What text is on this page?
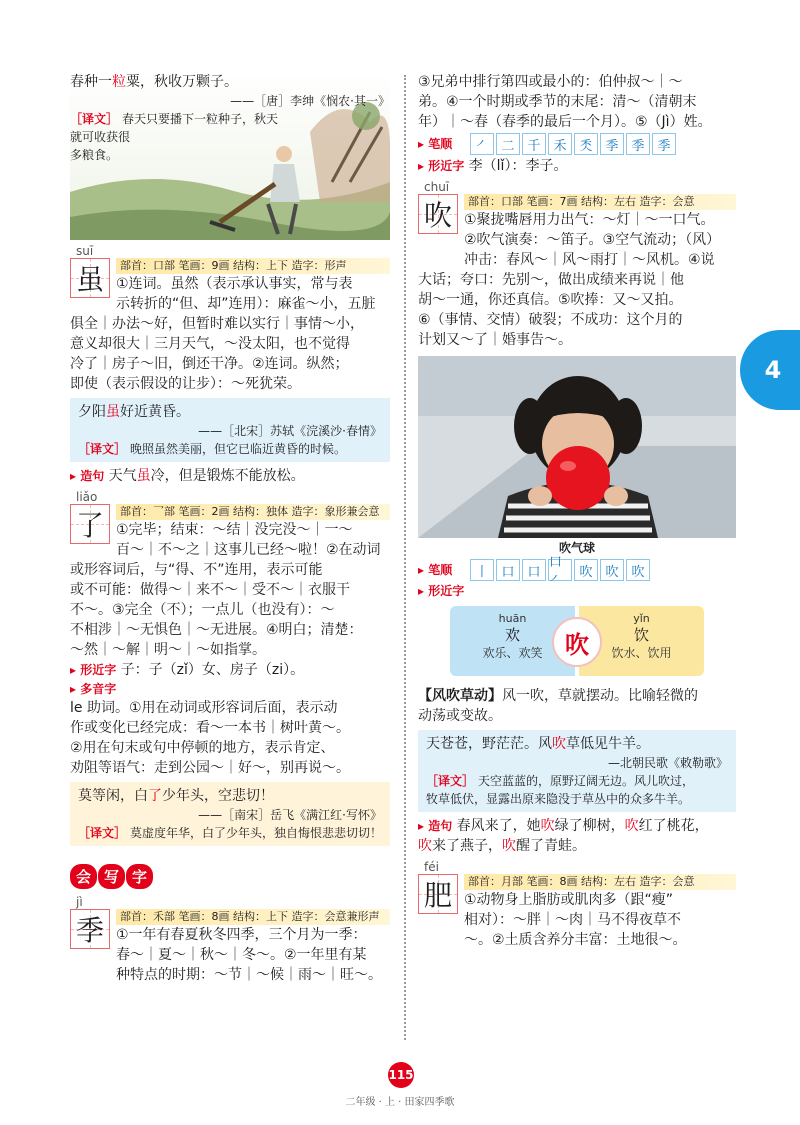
春种一粒粟，秋收万颗子。
——［唐］李绅《悯农·其一》
［译文］ 春天只要播下一粒种子，秋天就可收获很
多粮食。
suī
虽	部首：口部 笔画：9画 结构：上下 造字：形声
①连词。虽然（表示承认事实，常与表
示转折的“但、却”连用）：麻雀～小，五脏
俱全｜办法～好，但暂时难以实行｜事情～小，
意义却很大｜三月天气，～没太阳，也不觉得
冷了｜房子～旧，倒还干净。②连词。纵然；
即使（表示假设的让步）：～死犹荣。
夕阳虽好近黄昏。
——［北宋］苏轼《浣溪沙·春情》
［译文］ 晚照虽然美丽，但它已临近黄昏的时候。
▸ 造句 天气虽冷，但是锻炼不能放松。
liǎo
了	部首：乛部 笔画：2画 结构：独体 造字：象形兼会意
①完毕；结束：～结｜没完没～｜一～
百～｜不～之｜这事儿已经～啦！②在动词
或形容词后，与“得、不”连用，表示可能
或不可能：做得～｜来不～｜受不～｜衣服干
不～。③完全（不）；一点儿（也没有）：～
不相涉｜～无惧色｜～无进展。④明白；清楚：
～然｜～解｜明～｜～如指掌。
▸ 形近字 子：子（zǐ）女、房子（zi）。
▸ 多音字
le 助词。①用在动词或形容词后面，表示动
作或变化已经完成：看～一本书｜树叶黄～。
②用在句末或句中停顿的地方，表示肯定、
劝阻等语气：走到公园～｜好～，别再说～。
莫等闲，白了少年头，空悲切！
——［南宋］岳飞《满江红·写怀》
［译文］ 莫虚度年华，白了少年头，独自悔恨悲悲切切！
会 写 字
jì
季	部首：禾部 笔画：8画 结构：上下 造字：会意兼形声
①一年有春夏秋冬四季，三个月为一季：
春～｜夏～｜秋～｜冬～。②一年里有某
种特点的时期：～节｜～候｜雨～｜旺～。
③兄弟中排行第四或最小的：伯仲叔～｜～
弟。④一个时期或季节的末尾：清～（清朝末
年）｜～春（春季的最后一个月）。⑤（Jì）姓。
▸ 笔顺	㇒ 二 千 禾 秂 季 季 季
▸ 形近字 李（lǐ）：李子。
chuī
吹	部首：口部 笔画：7画 结构：左右 造字：会意
①聚拢嘴唇用力出气：～灯｜～一口气。
②吹气演奏：～笛子。③空气流动；（风）
冲击：春风～｜风～雨打｜～风机。④说
大话；夸口：先别～，做出成绩来再说｜他
胡～一通，你还真信。⑤吹捧：又～又拍。
⑥（事情、交情）破裂；不成功：这个月的
计划又～了｜婚事告～。
吹气球
▸ 笔顺	丨 口 口
口㇒
吹 吹 吹
▸ 形近字
huān
欢
欢乐、欢笑
yǐn
饮
饮水、饮用
吹
【风吹草动】风一吹，草就摆动。比喻轻微的
动荡或变故。
天苍苍，野茫茫。风吹草低见牛羊。
—北朝民歌《敕勒歌》
［译文］ 天空蓝蓝的，原野辽阔无边。风儿吹过，
牧草低伏，显露出原来隐没于草丛中的众多牛羊。
▸ 造句 春风来了，她吹绿了柳树，吹红了桃花，
吹来了燕子，吹醒了青蛙。
féi
肥	部首：月部 笔画：8画 结构：左右 造字：会意
①动物身上脂肪或肌肉多（跟“瘦”
相对）：～胖｜～肉｜马不得夜草不
～。②土质含养分丰富：土地很～。
4
115
二年级 · 上 · 田家四季歌
